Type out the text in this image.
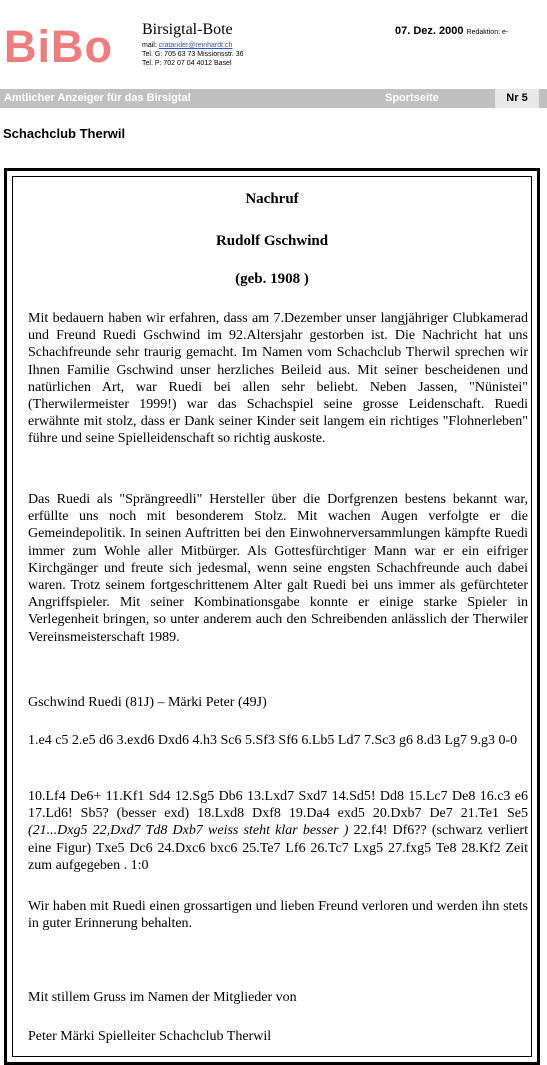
BiBo Birsigtal-Bote
mail: cratander@reinhardt.ch
Tel. G: 705 63 73 Missionsstr. 36
Tel. P: 702 07 04 4012 Basel
07. Dez. 2000 Redaktion: e-
Amtlicher Anzeiger für das Birsigtal	Sportseite	Nr 5
Schachclub Therwil
Nachruf
Rudolf Gschwind
(geb. 1908 )
Mit bedauern haben wir erfahren, dass am 7.Dezember unser langjähriger Clubkamerad und Freund Ruedi Gschwind im 92.Altersjahr gestorben ist. Die Nachricht hat uns Schachfreunde sehr traurig gemacht. Im Namen vom Schachclub Therwil sprechen wir Ihnen Familie Gschwind unser herzliches Beileid aus. Mit seiner bescheidenen und natürlichen Art, war Ruedi bei allen sehr beliebt. Neben Jassen, "Nünistei" (Therwilermeister 1999!) war das Schachspiel seine grosse Leidenschaft. Ruedi erwähnte mit stolz, dass er Dank seiner Kinder seit langem ein richtiges "Flohnerleben" führe und seine Spielleidenschaft so richtig auskoste.
Das Ruedi als "Sprängreedli" Hersteller über die Dorfgrenzen bestens bekannt war, erfüllte uns noch mit besonderem Stolz. Mit wachen Augen verfolgte er die Gemeindepolitik. In seinen Auftritten bei den Einwohnerversammlungen kämpfte Ruedi immer zum Wohle aller Mitbürger. Als Gottesfürchtiger Mann war er ein eifriger Kirchgänger und freute sich jedesmal, wenn seine engsten Schachfreunde auch dabei waren. Trotz seinem fortgeschrittenem Alter galt Ruedi bei uns immer als gefürchteter Angriffspieler. Mit seiner Kombinationsgabe konnte er einige starke Spieler in Verlegenheit bringen, so unter anderem auch den Schreibenden anlässlich der Therwiler Vereinsmeisterschaft 1989.
Gschwind Ruedi (81J) – Märki Peter (49J)
1.e4 c5 2.e5 d6 3.exd6 Dxd6 4.h3 Sc6 5.Sf3 Sf6 6.Lb5 Ld7 7.Sc3 g6 8.d3 Lg7 9.g3 0-0
10.Lf4 De6+ 11.Kf1 Sd4 12.Sg5 Db6 13.Lxd7 Sxd7 14.Sd5! Dd8 15.Lc7 De8 16.c3 e6 17.Ld6! Sb5? (besser exd) 18.Lxd8 Dxf8 19.Da4 exd5 20.Dxb7 De7 21.Te1 Se5 (21...Dxg5 22,Dxd7 Td8 Dxb7 weiss steht klar besser ) 22.f4! Df6?? (schwarz verliert eine Figur) Txe5 Dc6 24.Dxc6 bxc6 25.Te7 Lf6 26.Tc7 Lxg5 27.fxg5 Te8 28.Kf2 Zeit zum aufgegeben . 1:0
Wir haben mit Ruedi einen grossartigen und lieben Freund verloren und werden ihn stets in guter Erinnerung behalten.
Mit stillem Gruss im Namen der Mitglieder von
Peter Märki Spielleiter Schachclub Therwil
